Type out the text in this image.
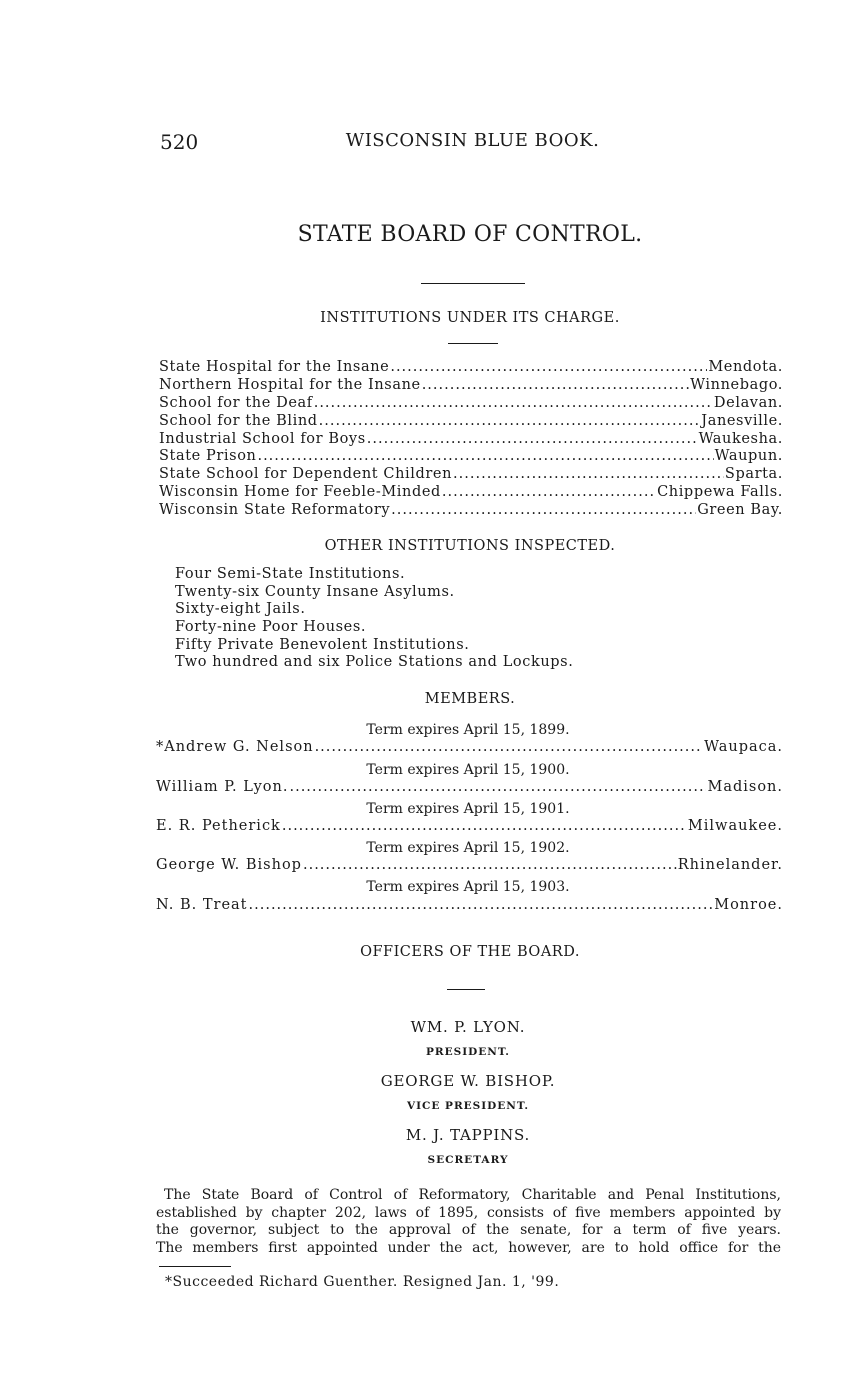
520	WISCONSIN BLUE BOOK.
STATE BOARD OF CONTROL.
INSTITUTIONS UNDER ITS CHARGE.
State Hospital for the Insane .....	Mendota.
Northern Hospital for the Insane .....	Winnebago.
School for the Deaf .....	Delavan.
School for the Blind .....	Janesville.
Industrial School for Boys .....	Waukesha.
State Prison .....	Waupun.
State School for Dependent Children .....	Sparta.
Wisconsin Home for Feeble-Minded .....	Chippewa Falls.
Wisconsin State Reformatory .....	Green Bay.
OTHER INSTITUTIONS INSPECTED.
Four Semi-State Institutions.
Twenty-six County Insane Asylums.
Sixty-eight Jails.
Forty-nine Poor Houses.
Fifty Private Benevolent Institutions.
Two hundred and six Police Stations and Lockups.
MEMBERS.
Term expires April 15, 1899.
*Andrew G. Nelson .....	Waupaca.
Term expires April 15, 1900.
William P. Lyon. .....	Madison.
Term expires April 15, 1901.
E. R. Petherick .....	Milwaukee.
Term expires April 15, 1902.
George W. Bishop .....	Rhinelander.
Term expires April 15, 1903.
N. B. Treat .....	Monroe.
OFFICERS OF THE BOARD.
WM. P. LYON.
PRESIDENT.
GEORGE W. BISHOP.
VICE PRESIDENT.
M. J. TAPPINS.
SECRETARY
The State Board of Control of Reformatory, Charitable and Penal Institutions,
established by chapter 202, laws of 1895, consists of five members appointed by
the governor, subject to the approval of the senate, for a term of five years.
The members first appointed under the act, however, are to hold office for the
*Succeeded Richard Guenther. Resigned Jan. 1, '99.
